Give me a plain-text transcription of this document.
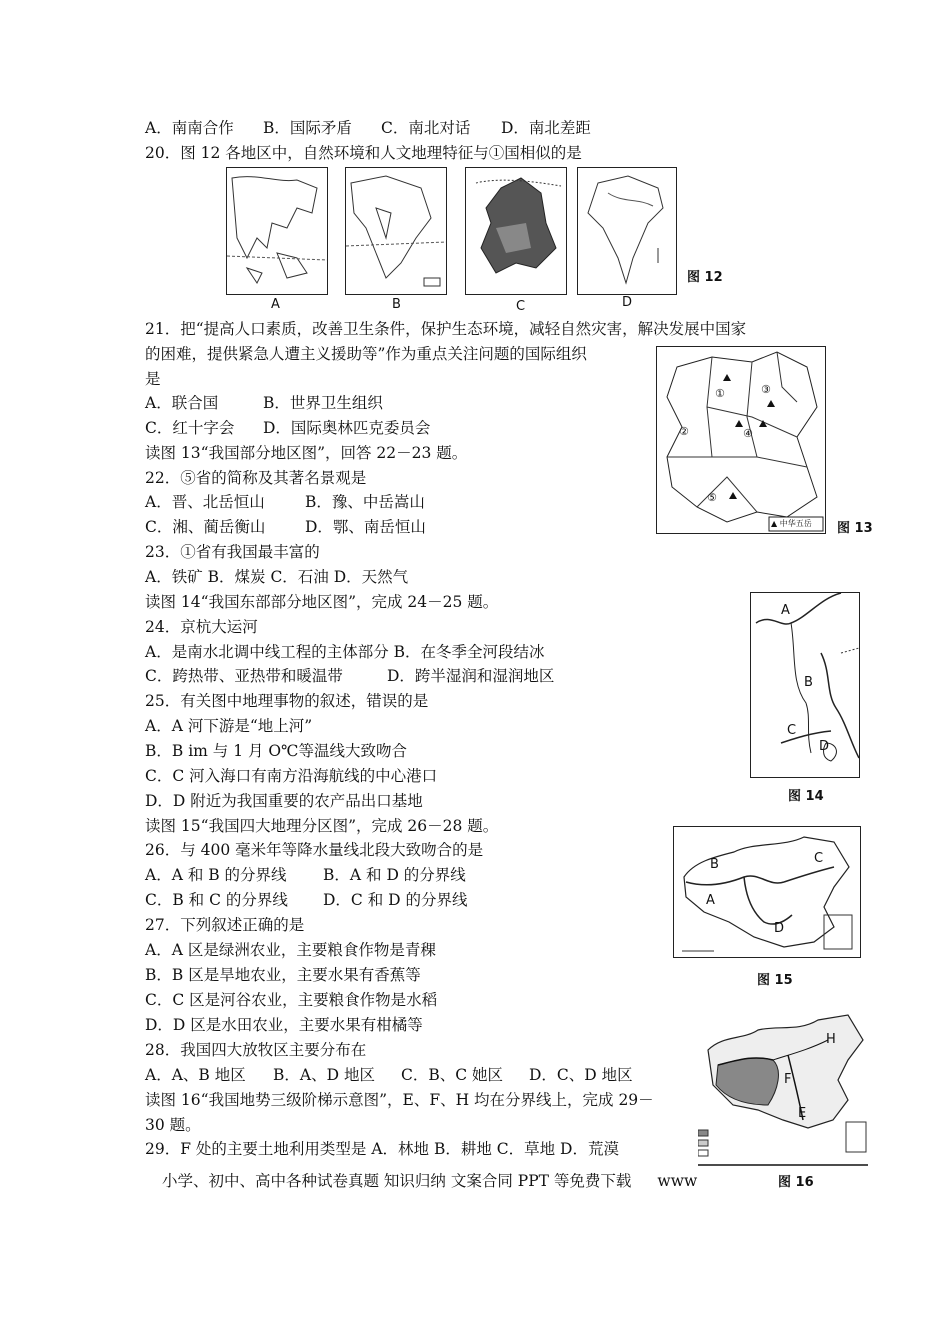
A．南南合作 B．国际矛盾 C．南北对话 D．南北差距
20．图 12 各地区中，自然环境和人文地理特征与①国相似的是
A	B	C	D
图 12
21．把“提高人口素质，改善卫生条件，保护生态环境，减轻自然灾害，解决发展中国家
的困难，提供紧急人遭主义援助等”作为重点关注问题的国际组织
是
A．联合国	B．世界卫生组织
C．红十字会 D．国际奥林匹克委员会
读图 13“我国部分地区图”，回答 22－23 题。
①
②
③
④
⑤
▲ 中华五岳 图 13
22．⑤省的简称及其著名景观是
A．晋、北岳恒山	B．豫、中岳嵩山
C．湘、蔺岳衡山	D．鄂、南岳恒山
23．①省有我国最丰富的
A．铁矿 B．煤炭 C．石油 D．天然气
读图 14“我国东部部分地区图”，完成 24－25 题。	A
B
C
D
图 14
24．京杭大运河
A．是南水北调中线工程的主体部分 B．在冬季全河段结冰
C．跨热带、亚热带和暖温带	D．跨半湿润和湿润地区
25．有关图中地理事物的叙述，错误的是
A．A 河下游是“地上河”
B．B im 与 1 月 O℃等温线大致吻合
C．C 河入海口有南方沿海航线的中心港口
D．D 附近为我国重要的农产品出口基地
读图 15“我国四大地理分区图”，完成 26－28 题。
B	C
A
D
图 15
26．与 400 毫米年等降水量线北段大致吻合的是
A．A 和 B 的分界线 B．A 和 D 的分界线
C．B 和 C 的分界线 D．C 和 D 的分界线
27．下列叙述正确的是
A．A 区是绿洲农业，主要粮食作物是青稞
B．B 区是旱地农业，主要水果有香蕉等
C．C 区是河谷农业，主要粮食作物是水稻
D．D 区是水田农业，主要水果有柑橘等
28．我国四大放牧区主要分布在
A．A、B 地区 B．A、D 地区 C．B、C 她区 D．C、D 地区
读图 16“我国地势三级阶梯示意图”，E、F、H 均在分界线上，完成 29－
30 题。
H
F
E
图 16
29．F 处的主要土地利用类型是 A．林地 B．耕地 C．草地 D．荒漠
小学、初中、高中各种试卷真题 知识归纳 文案合同 PPT 等免费下载 www
